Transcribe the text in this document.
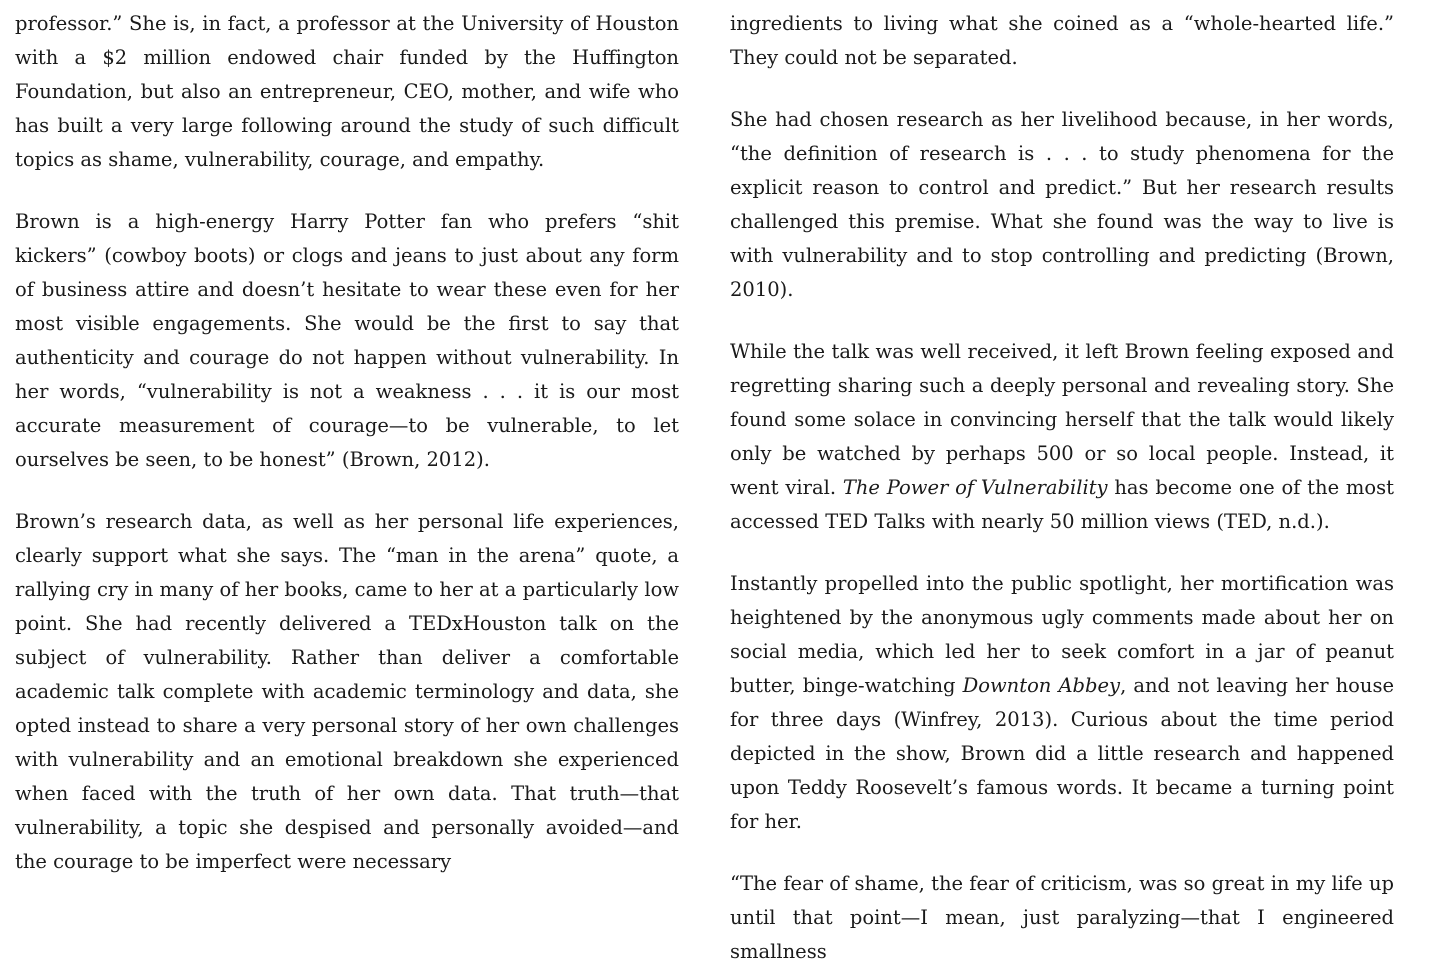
professor.” She is, in fact, a professor at the University of Houston with a $2 million endowed chair funded by the Huffington Foundation, but also an entrepreneur, CEO, mother, and wife who has built a very large following around the study of such difficult topics as shame, vulnerability, courage, and empathy.

Brown is a high-energy Harry Potter fan who prefers “shit kickers” (cowboy boots) or clogs and jeans to just about any form of business attire and doesn’t hesitate to wear these even for her most visible engagements. She would be the first to say that authenticity and courage do not happen without vulnerability. In her words, “vulnerability is not a weakness . . . it is our most accurate measurement of courage—to be vulnerable, to let ourselves be seen, to be honest” (Brown, 2012).

Brown’s research data, as well as her personal life experiences, clearly support what she says. The “man in the arena” quote, a rallying cry in many of her books, came to her at a particularly low point. She had recently delivered a TEDxHouston talk on the subject of vulnerability. Rather than deliver a comfortable academic talk complete with academic terminology and data, she opted instead to share a very personal story of her own challenges with vulnerability and an emotional breakdown she experienced when faced with the truth of her own data. That truth—that vulnerability, a topic she despised and personally avoided—and the courage to be imperfect were necessary

ingredients to living what she coined as a “whole-hearted life.” They could not be separated.

She had chosen research as her livelihood because, in her words, “the definition of research is . . . to study phenomena for the explicit reason to control and predict.” But her research results challenged this premise. What she found was the way to live is with vulnerability and to stop controlling and predicting (Brown, 2010).

While the talk was well received, it left Brown feeling exposed and regretting sharing such a deeply personal and revealing story. She found some solace in convincing herself that the talk would likely only be watched by perhaps 500 or so local people. Instead, it went viral. The Power of Vulnerability has become one of the most accessed TED Talks with nearly 50 million views (TED, n.d.).

Instantly propelled into the public spotlight, her mortification was heightened by the anonymous ugly comments made about her on social media, which led her to seek comfort in a jar of peanut butter, binge-watching Downton Abbey, and not leaving her house for three days (Winfrey, 2013). Curious about the time period depicted in the show, Brown did a little research and happened upon Teddy Roosevelt’s famous words. It became a turning point for her.

“The fear of shame, the fear of criticism, was so great in my life up until that point—I mean, just paralyzing—that I engineered smallness
